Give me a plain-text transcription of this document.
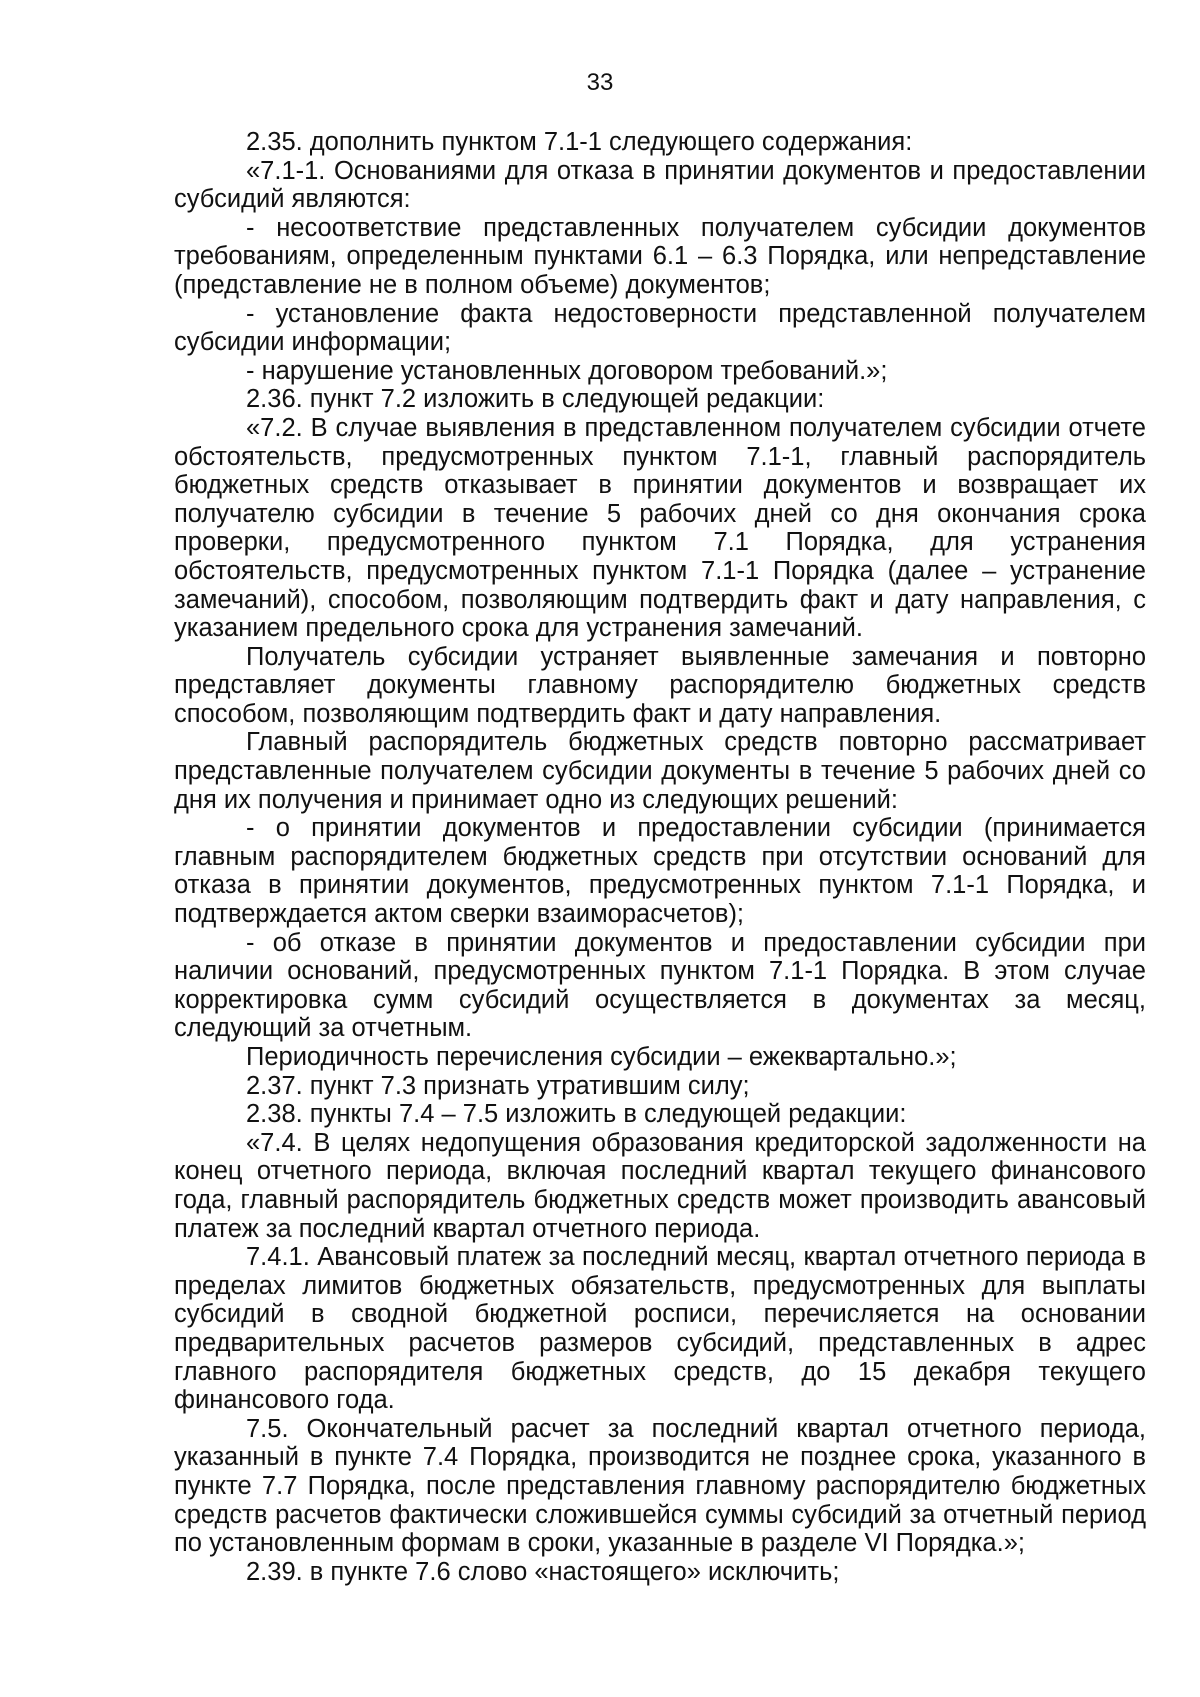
33

2.35. дополнить пунктом 7.1-1 следующего содержания:

«7.1-1. Основаниями для отказа в принятии документов и предоставлении субсидий являются:

- несоответствие представленных получателем субсидии документов требованиям, определенным пунктами 6.1 – 6.3 Порядка, или непредставление (представление не в полном объеме) документов;

- установление факта недостоверности представленной получателем субсидии информации;

- нарушение установленных договором требований.»;

2.36. пункт 7.2 изложить в следующей редакции:

«7.2. В случае выявления в представленном получателем субсидии отчете обстоятельств, предусмотренных пунктом 7.1-1, главный распорядитель бюджетных средств отказывает в принятии документов и возвращает их получателю субсидии в течение 5 рабочих дней со дня окончания срока проверки, предусмотренного пунктом 7.1 Порядка, для устранения обстоятельств, предусмотренных пунктом 7.1-1 Порядка (далее – устранение замечаний), способом, позволяющим подтвердить факт и дату направления, с указанием предельного срока для устранения замечаний.

Получатель субсидии устраняет выявленные замечания и повторно представляет документы главному распорядителю бюджетных средств способом, позволяющим подтвердить факт и дату направления.

Главный распорядитель бюджетных средств повторно рассматривает представленные получателем субсидии документы в течение 5 рабочих дней со дня их получения и принимает одно из следующих решений:

- о принятии документов и предоставлении субсидии (принимается главным распорядителем бюджетных средств при отсутствии оснований для отказа в принятии документов, предусмотренных пунктом 7.1-1 Порядка, и подтверждается актом сверки взаиморасчетов);

- об отказе в принятии документов и предоставлении субсидии при наличии оснований, предусмотренных пунктом 7.1-1 Порядка. В этом случае корректировка сумм субсидий осуществляется в документах за месяц, следующий за отчетным.

Периодичность перечисления субсидии – ежеквартально.»;

2.37. пункт 7.3 признать утратившим силу;

2.38. пункты 7.4 – 7.5 изложить в следующей редакции:

«7.4. В целях недопущения образования кредиторской задолженности на конец отчетного периода, включая последний квартал текущего финансового года, главный распорядитель бюджетных средств может производить авансовый платеж за последний квартал отчетного периода.

7.4.1. Авансовый платеж за последний месяц, квартал отчетного периода в пределах лимитов бюджетных обязательств, предусмотренных для выплаты субсидий в сводной бюджетной росписи, перечисляется на основании предварительных расчетов размеров субсидий, представленных в адрес главного распорядителя бюджетных средств, до 15 декабря текущего финансового года.

7.5. Окончательный расчет за последний квартал отчетного периода, указанный в пункте 7.4 Порядка, производится не позднее срока, указанного в пункте 7.7 Порядка, после представления главному распорядителю бюджетных средств расчетов фактически сложившейся суммы субсидий за отчетный период по установленным формам в сроки, указанные в разделе VI Порядка.»;

2.39. в пункте 7.6 слово «настоящего» исключить;
